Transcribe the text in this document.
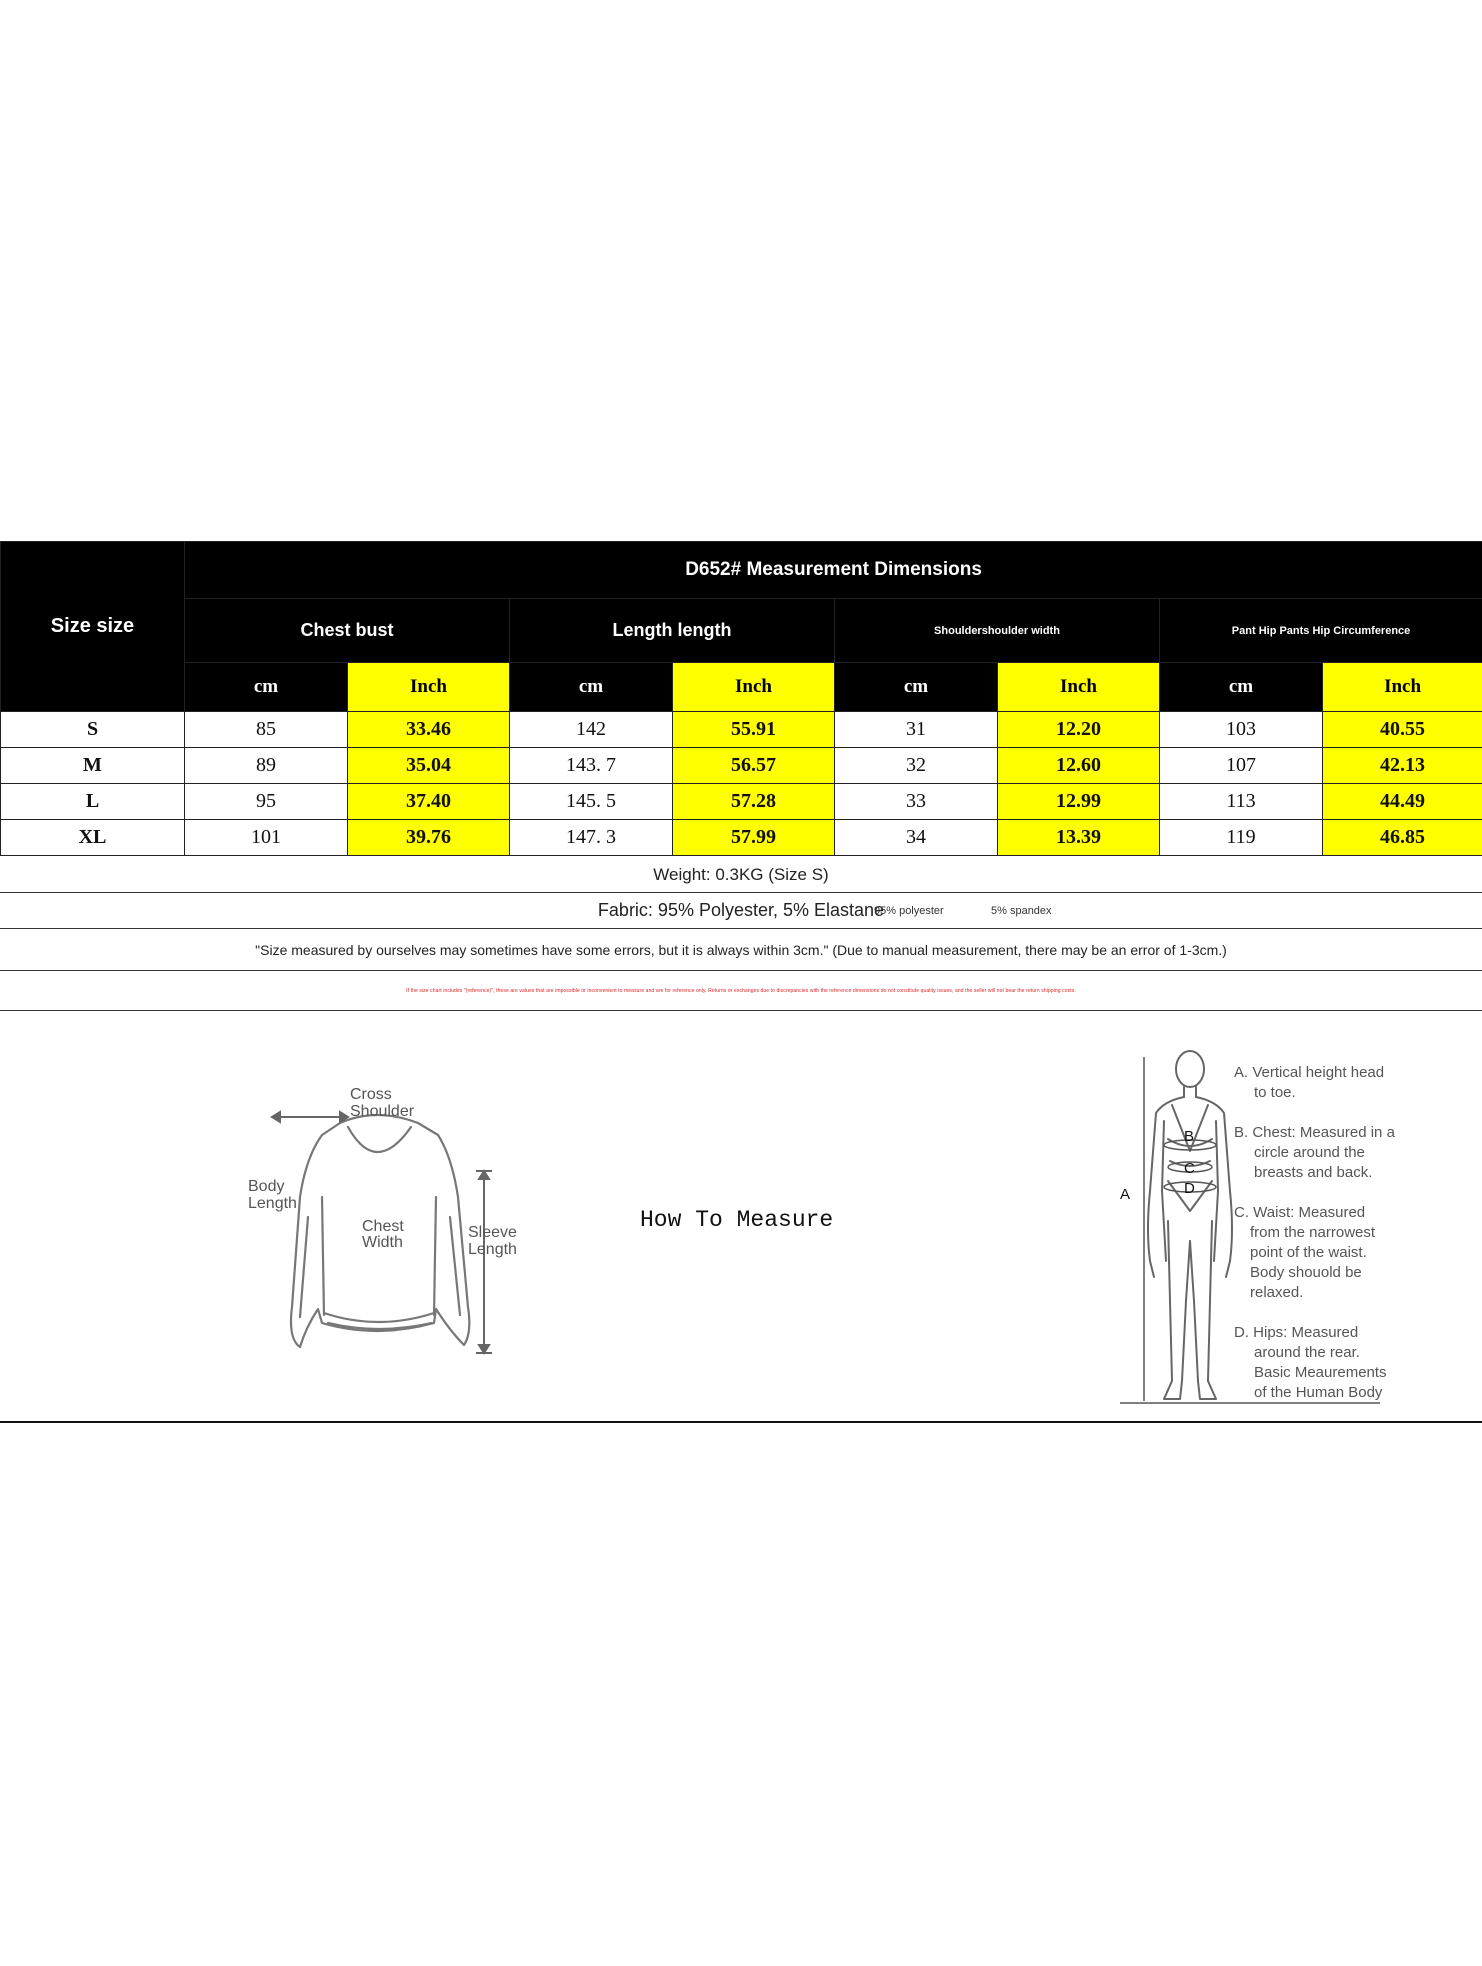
Size size	D652# Measurement Dimensions							
	Chest bust		Length length		Shouldershoulder width		Pant Hip Pants Hip Circumference	
	cm	Inch	cm	Inch	cm	Inch	cm	Inch
S	85	33.46	142	55.91	31	12.20	103	40.55
M	89	35.04	143. 7	56.57	32	12.60	107	42.13
L	95	37.40	145. 5	57.28	33	12.99	113	44.49
XL	101	39.76	147. 3	57.99	34	13.39	119	46.85
Weight: 0.3KG (Size S)
Fabric: 95% Polyester, 5% Elastane
95% polyester	5% spandex
"Size measured by ourselves may sometimes have some errors, but it is always within 3cm." (Due to manual measurement, there may be an error of 1-3cm.)
If the size chart includes "(reference)", these are values that are impossible or inconvenient to measure and are for reference only. Returns or exchanges due to discrepancies with the reference dimensions do not constitute quality issues, and the seller will not bear the return shipping costs.
Cross
Shoulder
Body
Length
Chest
Width
Sleeve
Length
How To Measure
B
C
D
A
A. Vertical height head
to toe.
B. Chest: Measured in a
circle around the
breasts and back.
C. Waist: Measured
from the narrowest
point of the waist.
Body shouold be
relaxed.
D. Hips: Measured
around the rear.
Basic Meaurements
of the Human Body
